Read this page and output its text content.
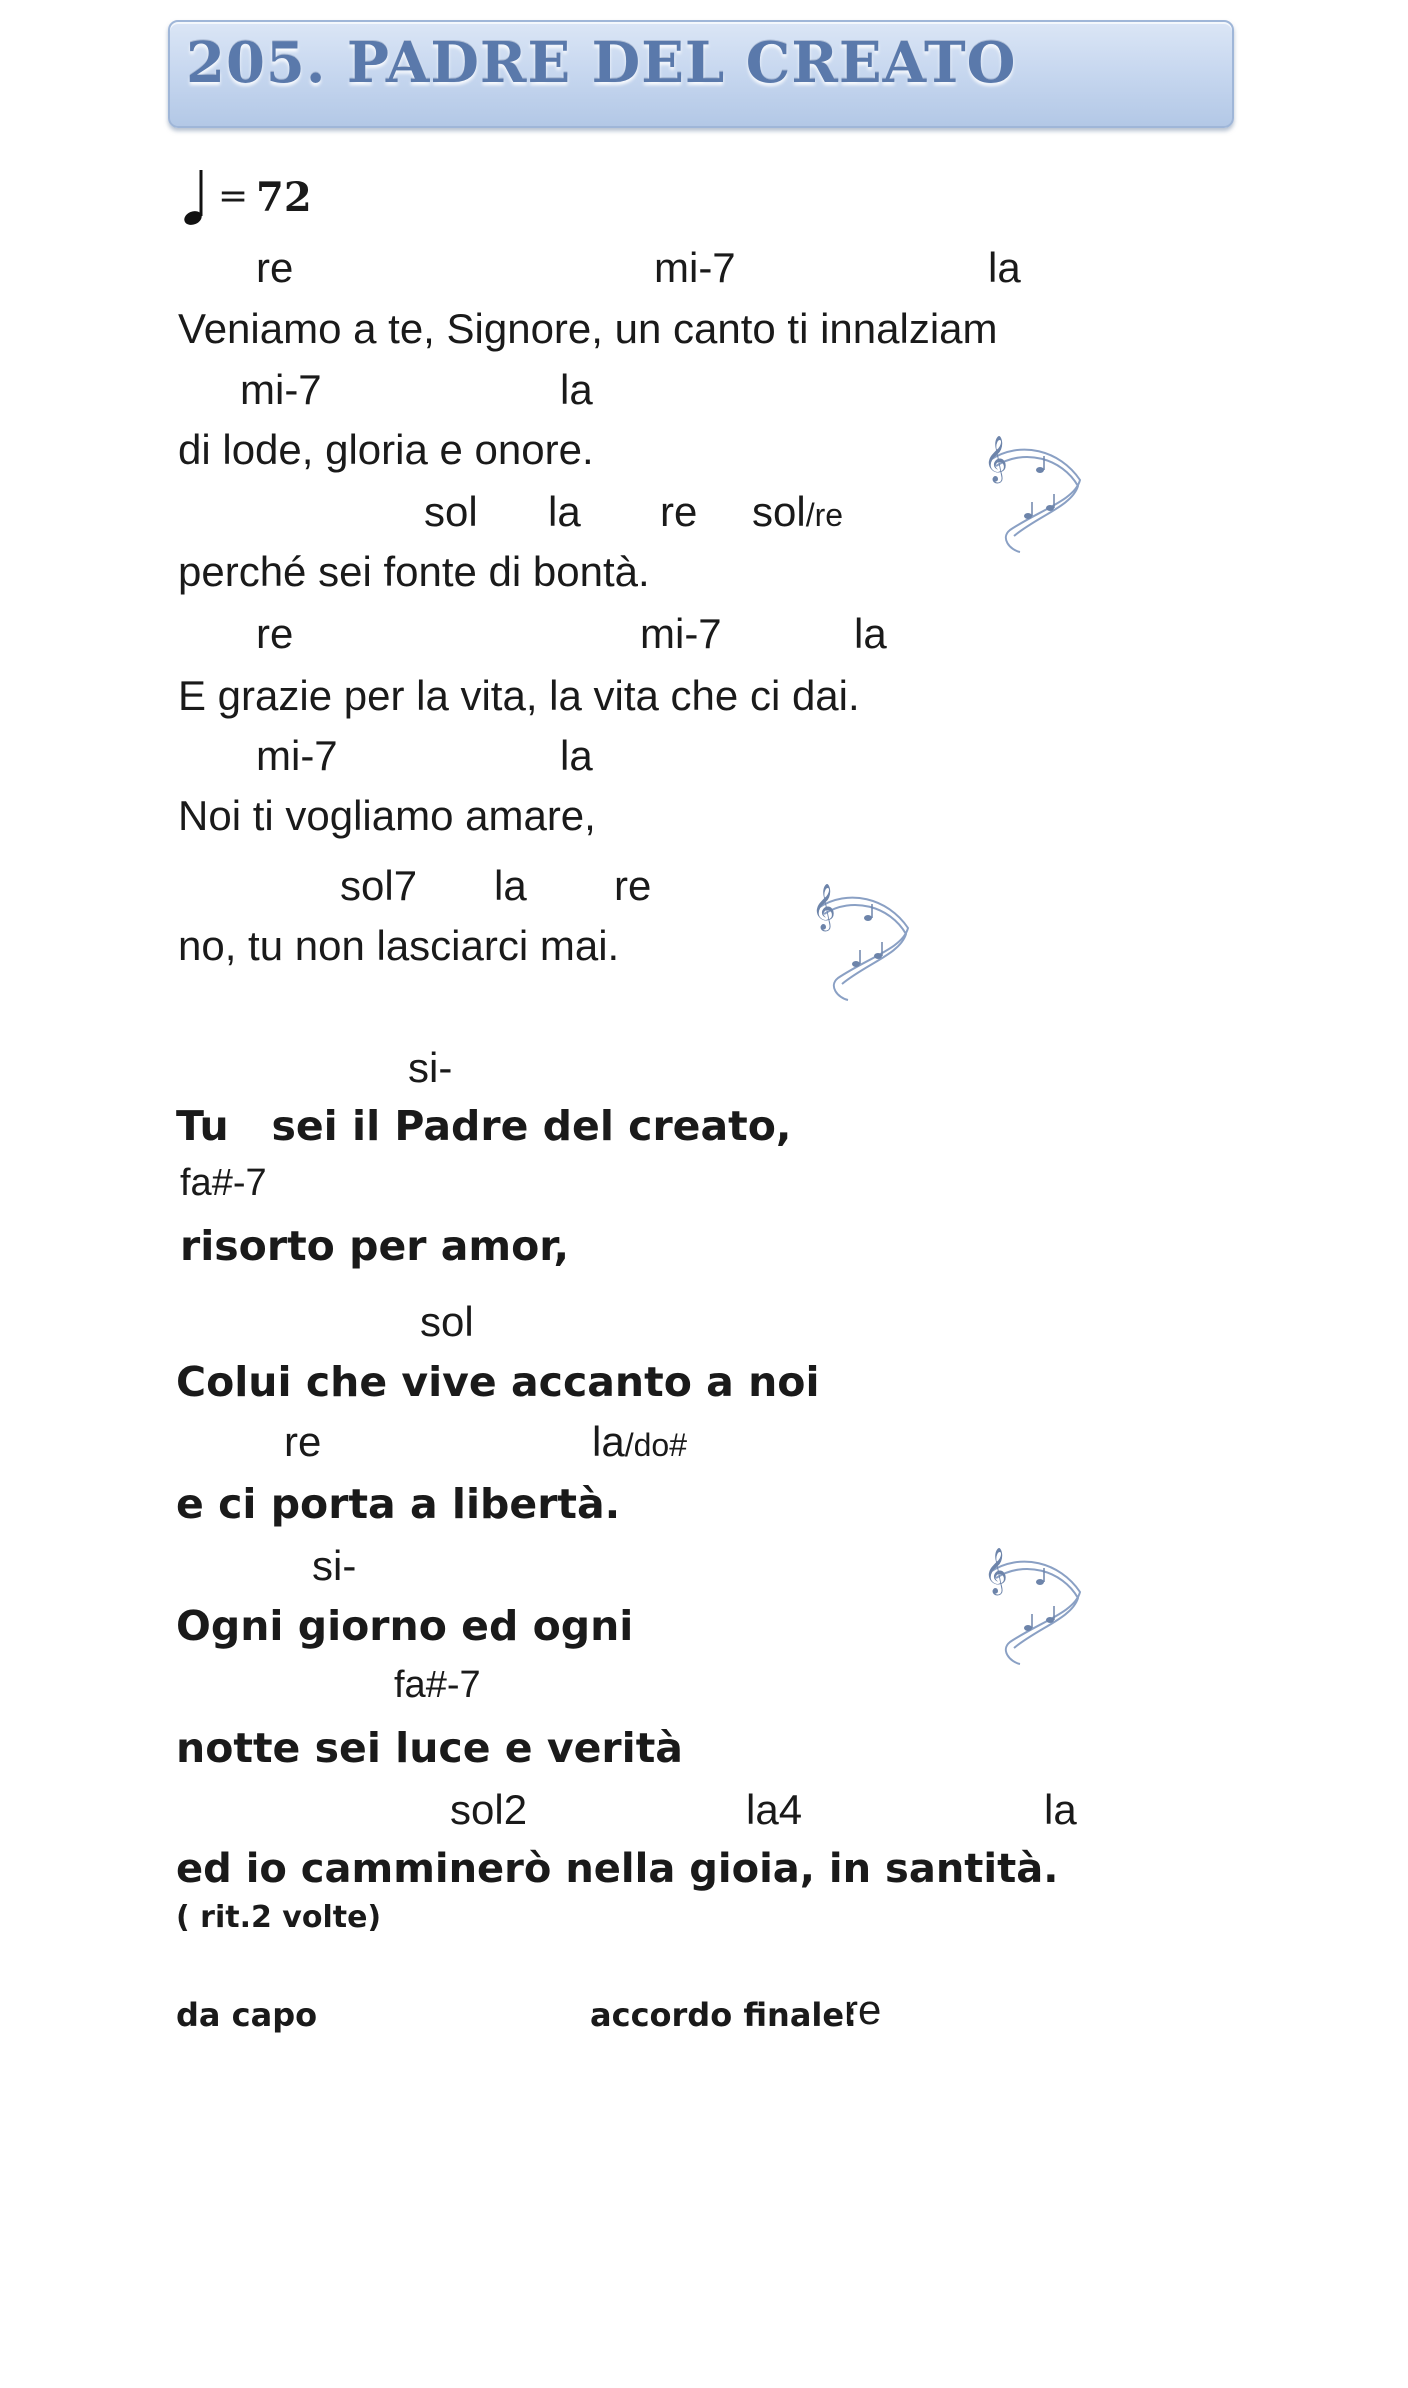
205. PADRE DEL CREATO
= 72
re	mi-7	la
Veniamo a te, Signore, un canto ti innalziam
mi-7	la
di lode, gloria e onore.
sol la re sol/re
perché sei fonte di bontà.
re	mi-7	la
E grazie per la vita, la vita che ci dai.
mi-7	la
Noi ti vogliamo amare,
sol7 la re
no, tu non lasciarci mai.
si-
Tu   sei il Padre del creato,
fa#-7
risorto per amor,
sol
Colui che vive accanto a noi
re	la/do#
e ci porta a libertà.
si-
Ogni giorno ed ogni
fa#-7
notte sei luce e verità
sol2	la4	la
ed io camminerò nella gioia, in santità.
( rit.2 volte)
da capo	accordo finale:
re
𝄞
𝄞
𝄞
